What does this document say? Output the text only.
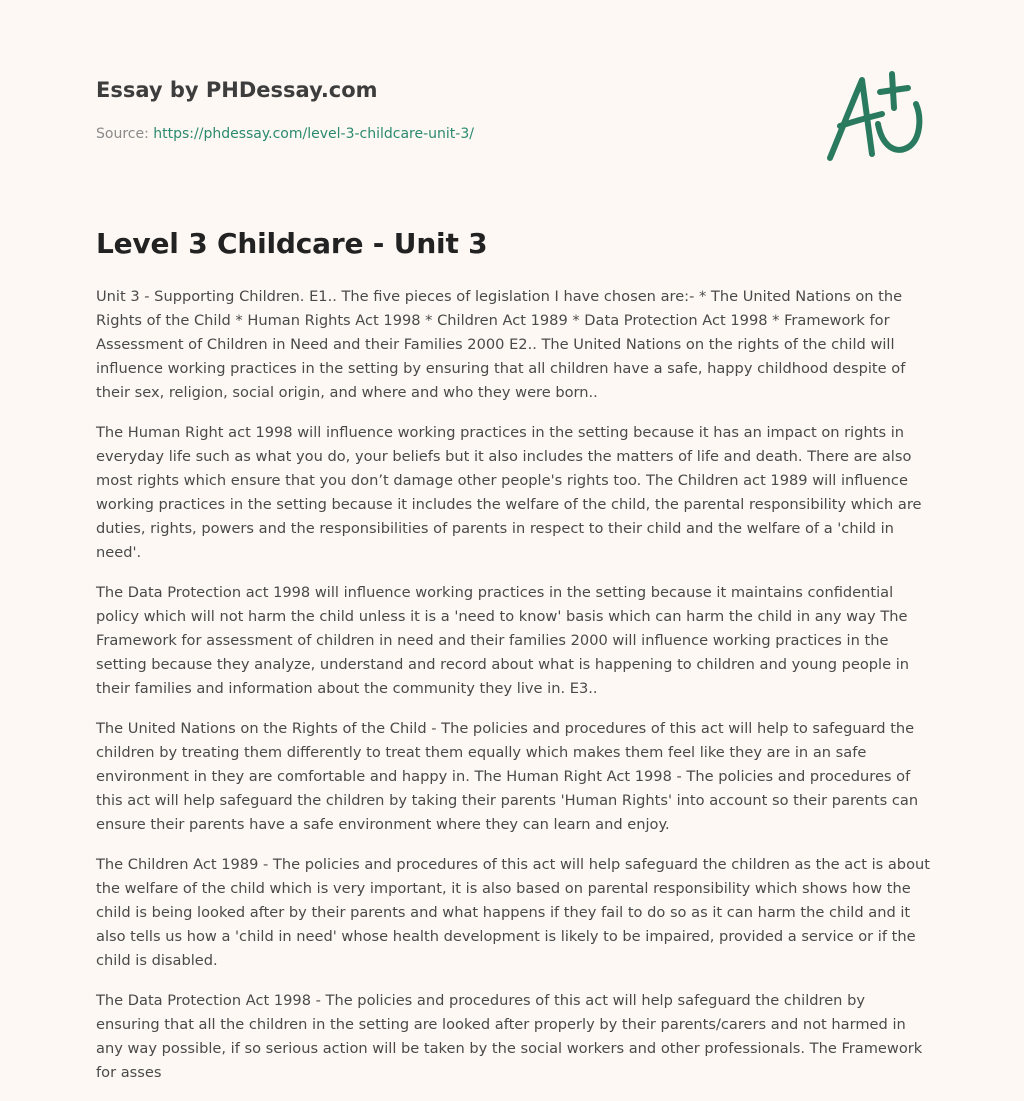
Essay by PHDessay.com
Source: https://phdessay.com/level-3-childcare-unit-3/
Level 3 Childcare - Unit 3

Unit 3 - Supporting Children. E1.. The five pieces of legislation I have chosen are:- * The United Nations on the Rights of the Child * Human Rights Act 1998 * Children Act 1989 * Data Protection Act 1998 * Framework for Assessment of Children in Need and their Families 2000 E2.. The United Nations on the rights of the child will influence working practices in the setting by ensuring that all children have a safe, happy childhood despite of their sex, religion, social origin, and where and who they were born..

The Human Right act 1998 will influence working practices in the setting because it has an impact on rights in everyday life such as what you do, your beliefs but it also includes the matters of life and death. There are also most rights which ensure that you don’t damage other people's rights too. The Children act 1989 will influence working practices in the setting because it includes the welfare of the child, the parental responsibility which are duties, rights, powers and the responsibilities of parents in respect to their child and the welfare of a 'child in need'.

The Data Protection act 1998 will influence working practices in the setting because it maintains confidential policy which will not harm the child unless it is a 'need to know' basis which can harm the child in any way The Framework for assessment of children in need and their families 2000 will influence working practices in the setting because they analyze, understand and record about what is happening to children and young people in their families and information about the community they live in. E3..

The United Nations on the Rights of the Child - The policies and procedures of this act will help to safeguard the children by treating them differently to treat them equally which makes them feel like they are in an safe environment in they are comfortable and happy in. The Human Right Act 1998 - The policies and procedures of this act will help safeguard the children by taking their parents 'Human Rights' into account so their parents can ensure their parents have a safe environment where they can learn and enjoy.

The Children Act 1989 - The policies and procedures of this act will help safeguard the children as the act is about the welfare of the child which is very important, it is also based on parental responsibility which shows how the child is being looked after by their parents and what happens if they fail to do so as it can harm the child and it also tells us how a 'child in need' whose health development is likely to be impaired, provided a service or if the child is disabled.

The Data Protection Act 1998 - The policies and procedures of this act will help safeguard the children by ensuring that all the children in the setting are looked after properly by their parents/carers and not harmed in any way possible, if so serious action will be taken by the social workers and other professionals. The Framework for asses
